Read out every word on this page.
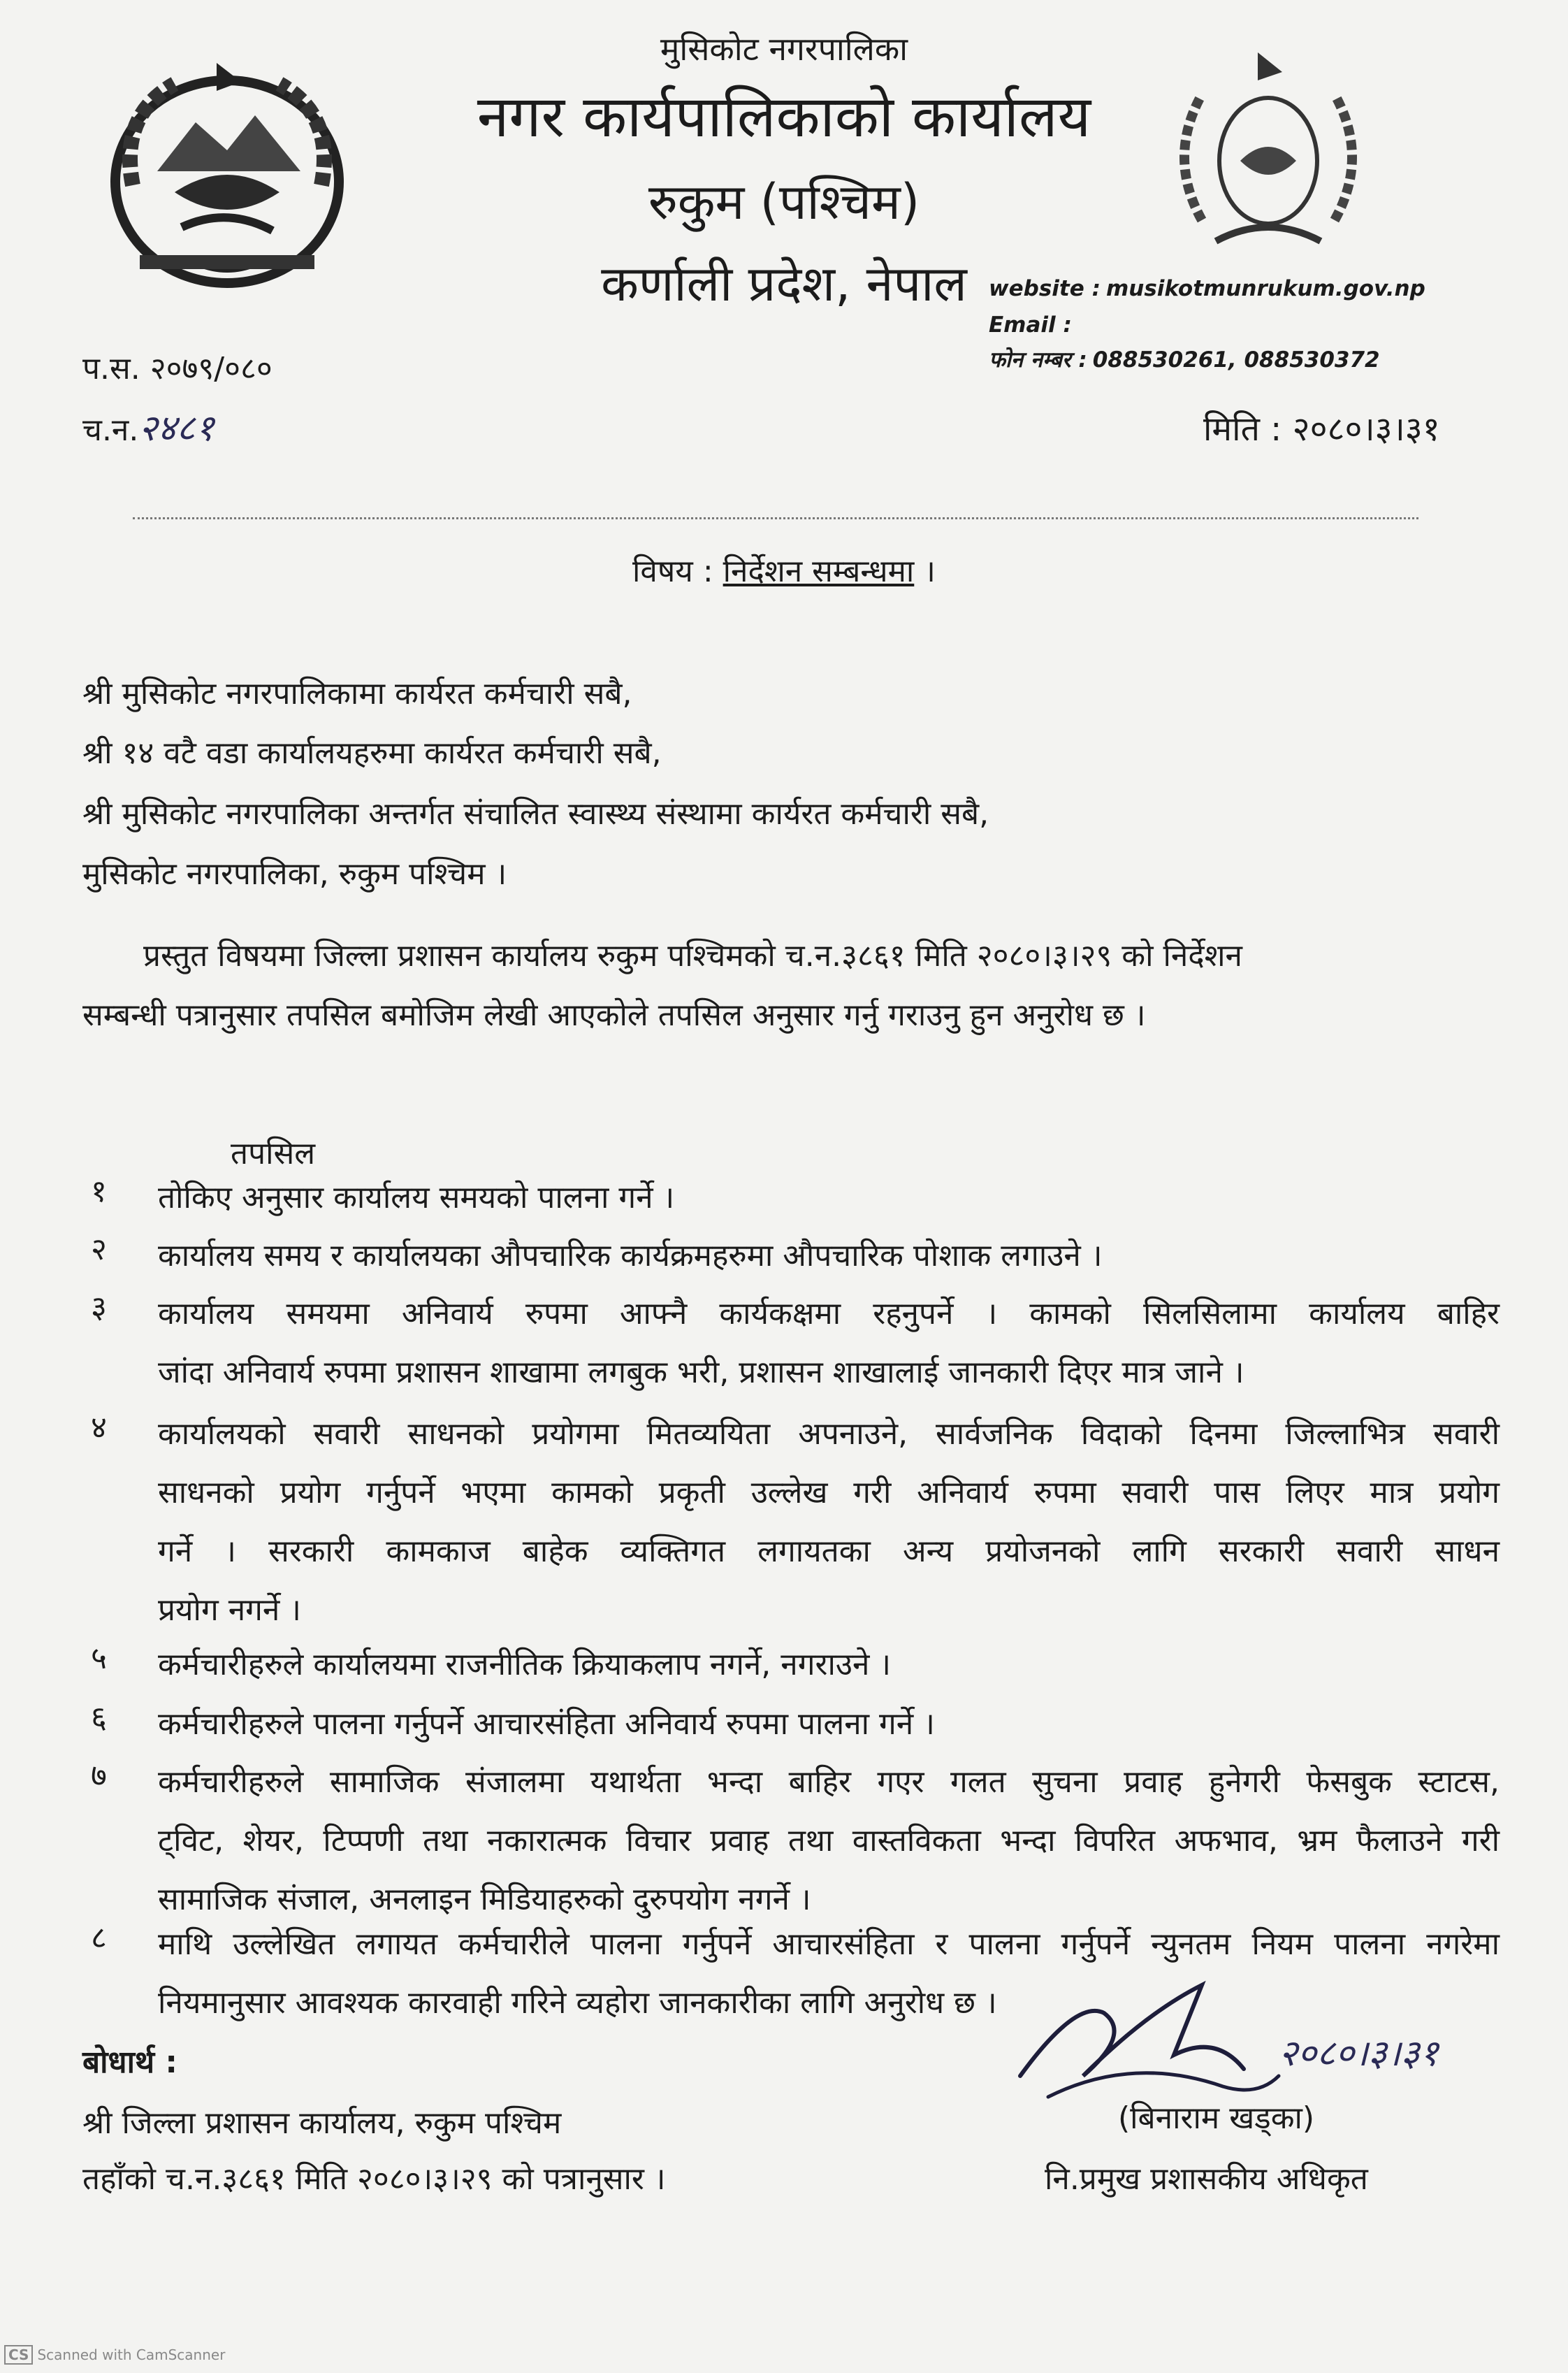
मुसिकोट नगरपालिका
नगर कार्यपालिकाको कार्यालय
रुकुम (पश्चिम)
कर्णाली प्रदेश, नेपाल	website : musikotmunrukum.gov.np
Email :
फोन नम्बर : 088530261, 088530372
प.स. २०७९/०८०
च.न.२४८१	मिति : २०८०।३।३१
विषय : निर्देशन सम्बन्धमा ।
श्री मुसिकोट नगरपालिकामा कार्यरत कर्मचारी सबै,
श्री १४ वटै वडा कार्यालयहरुमा कार्यरत कर्मचारी सबै,
श्री मुसिकोट नगरपालिका अन्तर्गत संचालित स्वास्थ्य संस्थामा कार्यरत कर्मचारी सबै,
मुसिकोट नगरपालिका, रुकुम पश्चिम ।
प्रस्तुत विषयमा जिल्ला प्रशासन कार्यालय रुकुम पश्चिमको च.न.३८६१ मिति २०८०।३।२९ को निर्देशन
सम्बन्धी पत्रानुसार तपसिल बमोजिम लेखी आएकोले तपसिल अनुसार गर्नु गराउनु हुन अनुरोध छ ।
तपसिल
१ तोकिए अनुसार कार्यालय समयको पालना गर्ने ।
२ कार्यालय समय र कार्यालयका औपचारिक कार्यक्रमहरुमा औपचारिक पोशाक लगाउने ।
३ कार्यालय समयमा अनिवार्य रुपमा आफ्नै कार्यकक्षमा रहनुपर्ने । कामको सिलसिलामा कार्यालय बाहिर
जांदा अनिवार्य रुपमा प्रशासन शाखामा लगबुक भरी, प्रशासन शाखालाई जानकारी दिएर मात्र जाने ।
४ कार्यालयको सवारी साधनको प्रयोगमा मितव्ययिता अपनाउने, सार्वजनिक विदाको दिनमा जिल्लाभित्र सवारी
साधनको प्रयोग गर्नुपर्ने भएमा कामको प्रकृती उल्लेख गरी अनिवार्य रुपमा सवारी पास लिएर मात्र प्रयोग
गर्ने । सरकारी कामकाज बाहेक व्यक्तिगत लगायतका अन्य प्रयोजनको लागि सरकारी सवारी साधन
प्रयोग नगर्ने ।
५ कर्मचारीहरुले कार्यालयमा राजनीतिक क्रियाकलाप नगर्ने, नगराउने ।
६ कर्मचारीहरुले पालना गर्नुपर्ने आचारसंहिता अनिवार्य रुपमा पालना गर्ने ।
७ कर्मचारीहरुले सामाजिक संजालमा यथार्थता भन्दा बाहिर गएर गलत सुचना प्रवाह हुनेगरी फेसबुक स्टाटस,
ट्विट, शेयर, टिप्पणी तथा नकारात्मक विचार प्रवाह तथा वास्तविकता भन्दा विपरित अफभाव, भ्रम फैलाउने गरी
सामाजिक संजाल, अनलाइन मिडियाहरुको दुरुपयोग नगर्ने ।
८ माथि उल्लेखित लगायत कर्मचारीले पालना गर्नुपर्ने आचारसंहिता र पालना गर्नुपर्ने न्युनतम नियम पालना नगरेमा
नियमानुसार आवश्यक कारवाही गरिने व्यहोरा जानकारीका लागि अनुरोध छ ।
बोधार्थ :
श्री जिल्ला प्रशासन कार्यालय, रुकुम पश्चिम
तहाँको च.न.३८६१ मिति २०८०।३।२९ को पत्रानुसार ।
२०८०।३।३१
(बिनाराम खड्का)
नि.प्रमुख प्रशासकीय अधिकृत
CS Scanned with CamScanner
